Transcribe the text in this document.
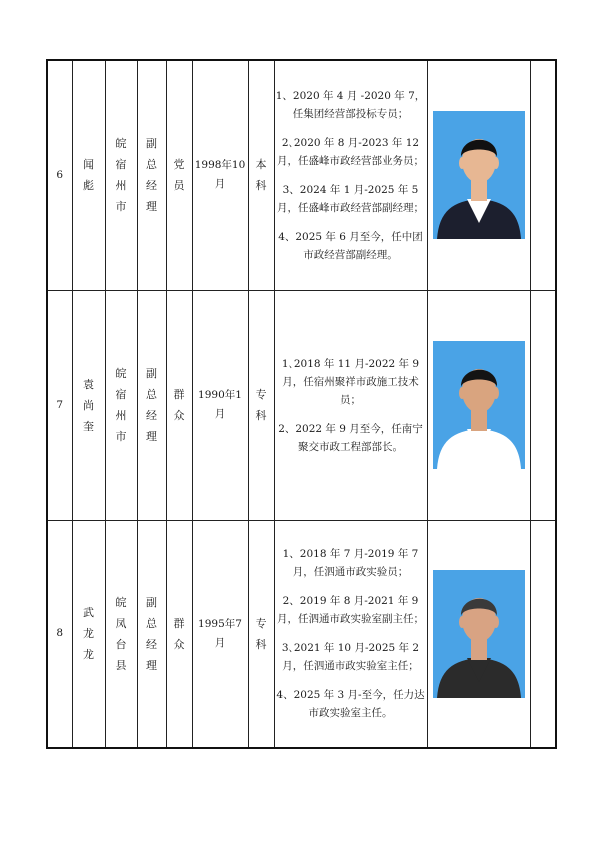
6	闻彪	皖宿州市	副总经理	党员	1998年10月	本科	1、2020 年 4 月 -2020 年 7，任集团经营部投标专员；

2､2020 年 8 月-2023 年 12 月，任盛峰市政经营部业务员；

3、2024 年 1 月-2025 年 5 月，任盛峰市政经营部副经理；

4、2025 年 6 月至今，任中团市政经营部副经理。

7	袁尚奎	皖宿州市	副总经理	群众	1990年1月	专科	1､2018 年 11 月-2022 年 9 月，任宿州聚祥市政施工技术员；

2、2022 年 9 月至今，任南宁聚交市政工程部部长。

8	武龙龙	皖凤台县	副总经理	群众	1995年7月	专科	1、2018 年 7 月-2019 年 7 月，任泗通市政实验员；

2、2019 年 8 月-2021 年 9 月，任泗通市政实验室副主任；

3､2021 年 10 月-2025 年 2 月，任泗通市政实验室主任；

4、2025 年 3 月-至今，任力达市政实验室主任。
